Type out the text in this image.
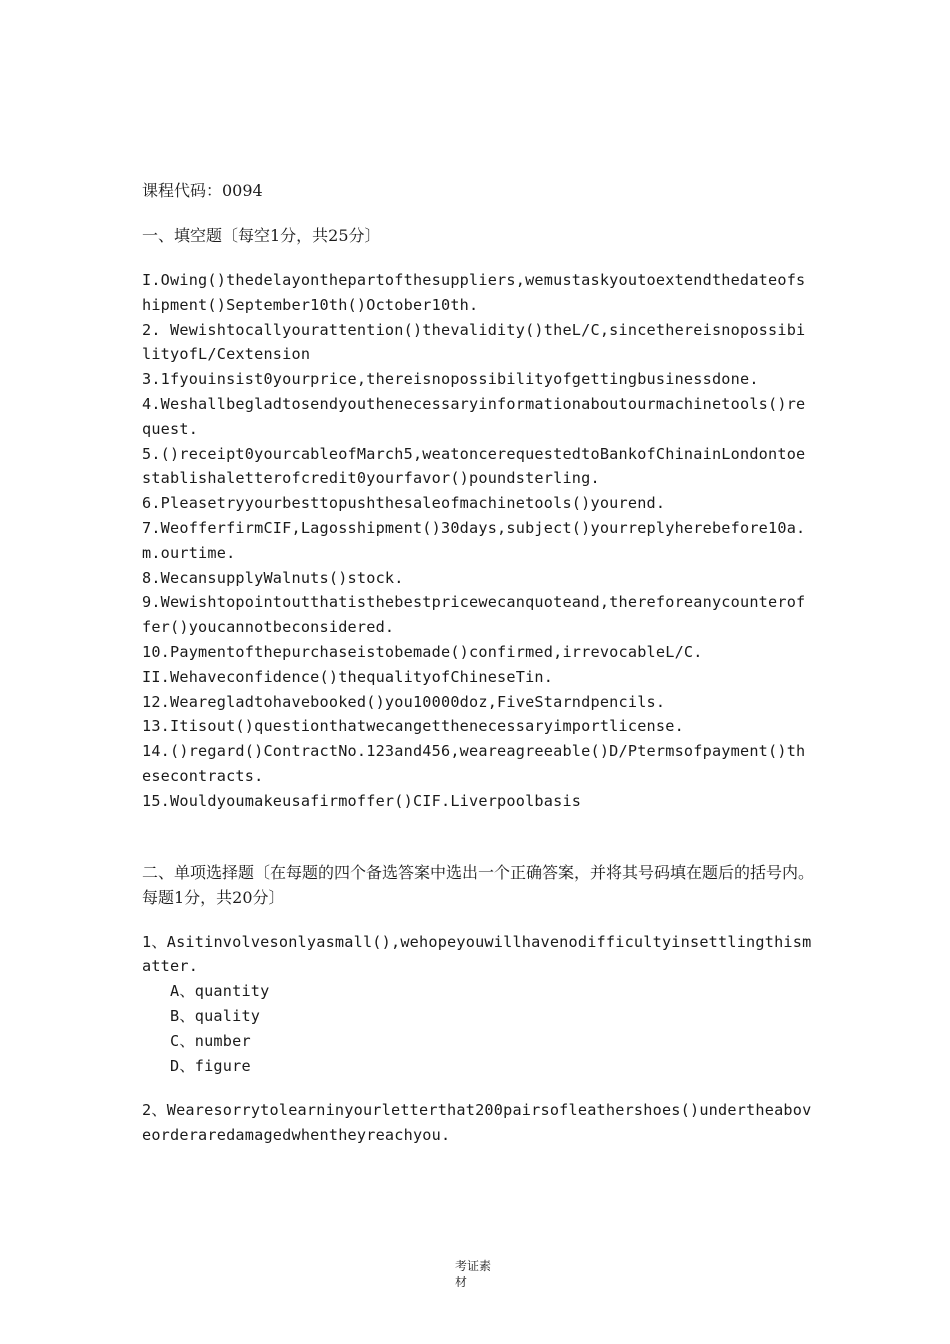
课程代码：0094
一、填空题〔每空1分，共25分〕

I.Owing()thedelayonthepartofthesuppliers,wemustaskyoutoextendthedateofshipment()September10th()October10th.

2. Wewishtocallyourattention()thevalidity()theL/C,sincethereisnopossibilityofL/Cextension

3.1fyouinsist0yourprice,thereisnopossibilityofgettingbusinessdone.

4.Weshallbegladtosendyouthenecessaryinformationaboutourmachinetools()request.

5.()receipt0yourcableofMarch5,weatoncerequestedtoBankofChinainLondontoestablishaletterofcredit0yourfavor()poundsterling.

6.Pleasetryyourbesttopushthesaleofmachinetools()yourend.

7.WeofferfirmCIF,Lagosshipment()30days,subject()yourreplyherebefore10a.m.ourtime.

8.WecansupplyWalnuts()stock.

9.Wewishtopointoutthatisthebestpricewecanquoteand,thereforeanycounteroffer()youcannotbeconsidered.

10.Paymentofthepurchaseistobemade()confirmed,irrevocableL/C.

II.Wehaveconfidence()thequalityofChineseTin.

12.Wearegladtohavebooked()you10000doz,FiveStarndpencils.

13.Itisout()questionthatwecangetthenecessaryimportlicense.

14.()regard()ContractNo.123and456,weareagreeable()D/Ptermsofpayment()thesecontracts.

15.Wouldyoumakeusafirmoffer()CIF.Liverpoolbasis

二、单项选择题〔在每题的四个备选答案中选出一个正确答案，并将其号码填在题后的括号内。每题1分，共20分〕
1、Asitinvolvesonlyasmall(),wehopeyouwillhavenodifficultyinsettlingthismatter.
A、quantity
B、quality
C、number
D、figure
2、Wearesorrytolearninyourletterthat200pairsofleathershoes()undertheaboveorderaredamagedwhentheyreachyou.
考证素
材
